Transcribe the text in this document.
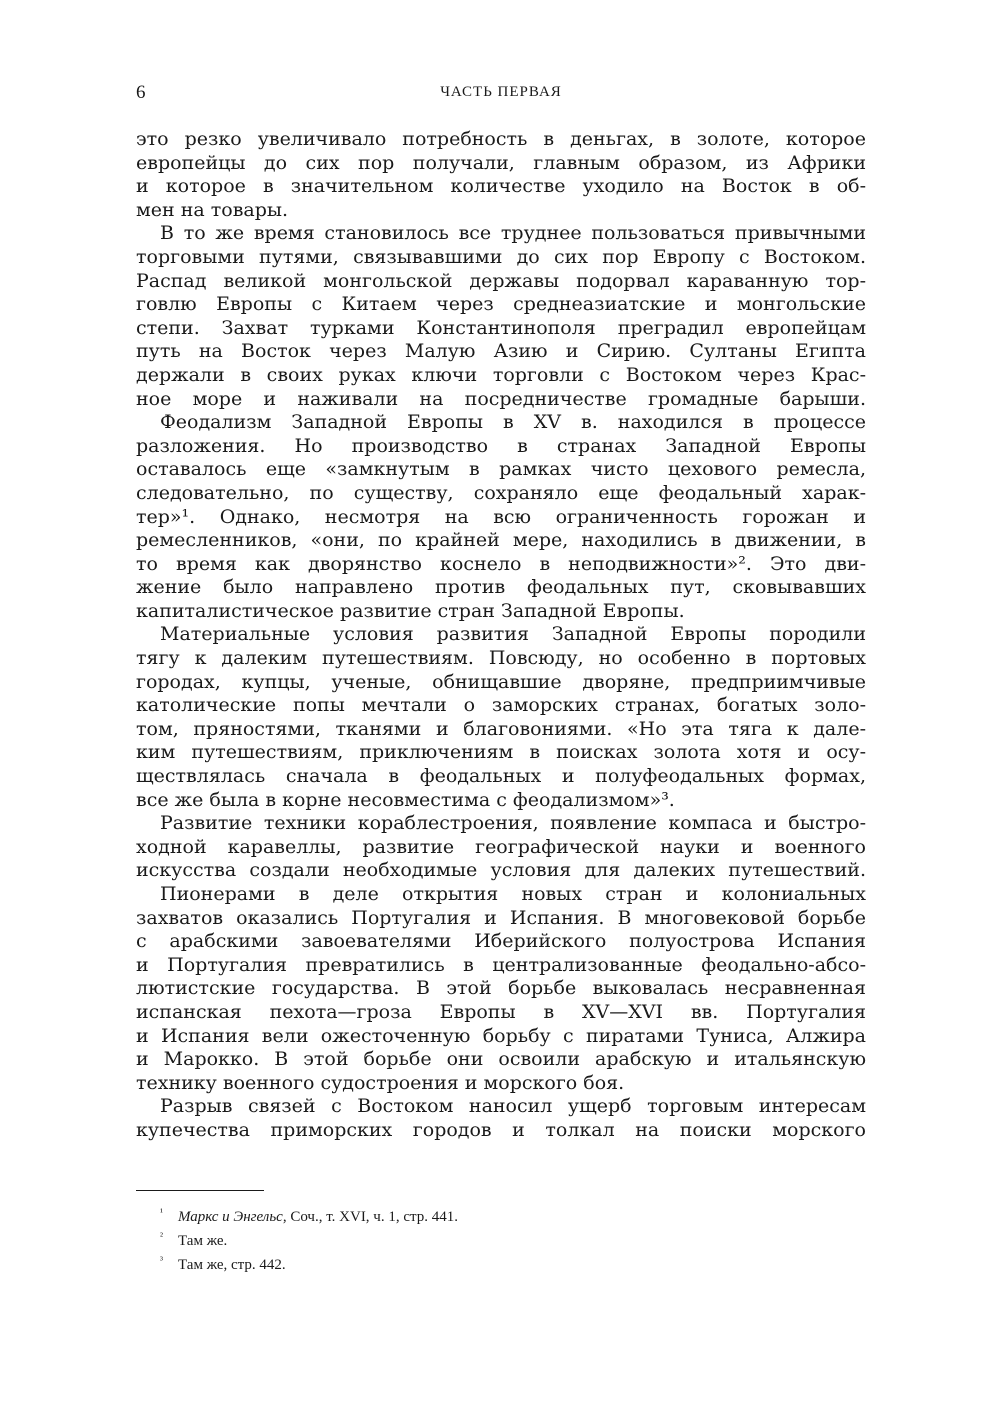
6	ЧАСТЬ ПЕРВАЯ
это резко увеличивало потребность в деньгах, в золоте, которое
европейцы до сих пор получали, главным образом, из Африки
и которое в значительном количестве уходило на Восток в об-
мен на товары.
В то же время становилось все труднее пользоваться привычными
торговыми путями, связывавшими до сих пор Европу с Востоком.
Распад великой монгольской державы подорвал караванную тор-
говлю Европы с Китаем через среднеазиатские и монгольские
степи. Захват турками Константинополя преградил европейцам
путь на Восток через Малую Азию и Сирию. Султаны Египта
держали в своих руках ключи торговли с Востоком через Крас-
ное море и наживали на посредничестве громадные барыши.
Феодализм Западной Европы в XV в. находился в процессе
разложения. Но производство в странах Западной Европы
оставалось еще «замкнутым в рамках чисто цехового ремесла,
следовательно, по существу, сохраняло еще феодальный харак-
тер»¹. Однако, несмотря на всю ограниченность горожан и
ремесленников, «они, по крайней мере, находились в движении, в
то время как дворянство коснело в неподвижности»². Это дви-
жение было направлено против феодальных пут, сковывавших
капиталистическое развитие стран Западной Европы.
Материальные условия развития Западной Европы породили
тягу к далеким путешествиям. Повсюду, но особенно в портовых
городах, купцы, ученые, обнищавшие дворяне, предприимчивые
католические попы мечтали о заморских странах, богатых золо-
том, пряностями, тканями и благовониями. «Но эта тяга к дале-
ким путешествиям, приключениям в поисках золота хотя и осу-
ществлялась сначала в феодальных и полуфеодальных формах,
все же была в корне несовместима с феодализмом»³.
Развитие техники кораблестроения, появление компаса и быстро-
ходной каравеллы, развитие географической науки и военного
искусства создали необходимые условия для далеких путешествий.
Пионерами в деле открытия новых стран и колониальных
захватов оказались Португалия и Испания. В многовековой борьбе
с арабскими завоевателями Иберийского полуострова Испания
и Португалия превратились в централизованные феодально-абсо-
лютистские государства. В этой борьбе выковалась несравненная
испанская пехота—гроза Европы в XV—XVI вв. Португалия
и Испания вели ожесточенную борьбу с пиратами Туниса, Алжира
и Марокко. В этой борьбе они освоили арабскую и итальянскую
технику военного судостроения и морского боя.
Разрыв связей с Востоком наносил ущерб торговым интересам
купечества приморских городов и толкал на поиски морского
¹ Маркс и Энгельс, Соч., т. XVI, ч. 1, стр. 441.
² Там же.
³ Там же, стр. 442.
